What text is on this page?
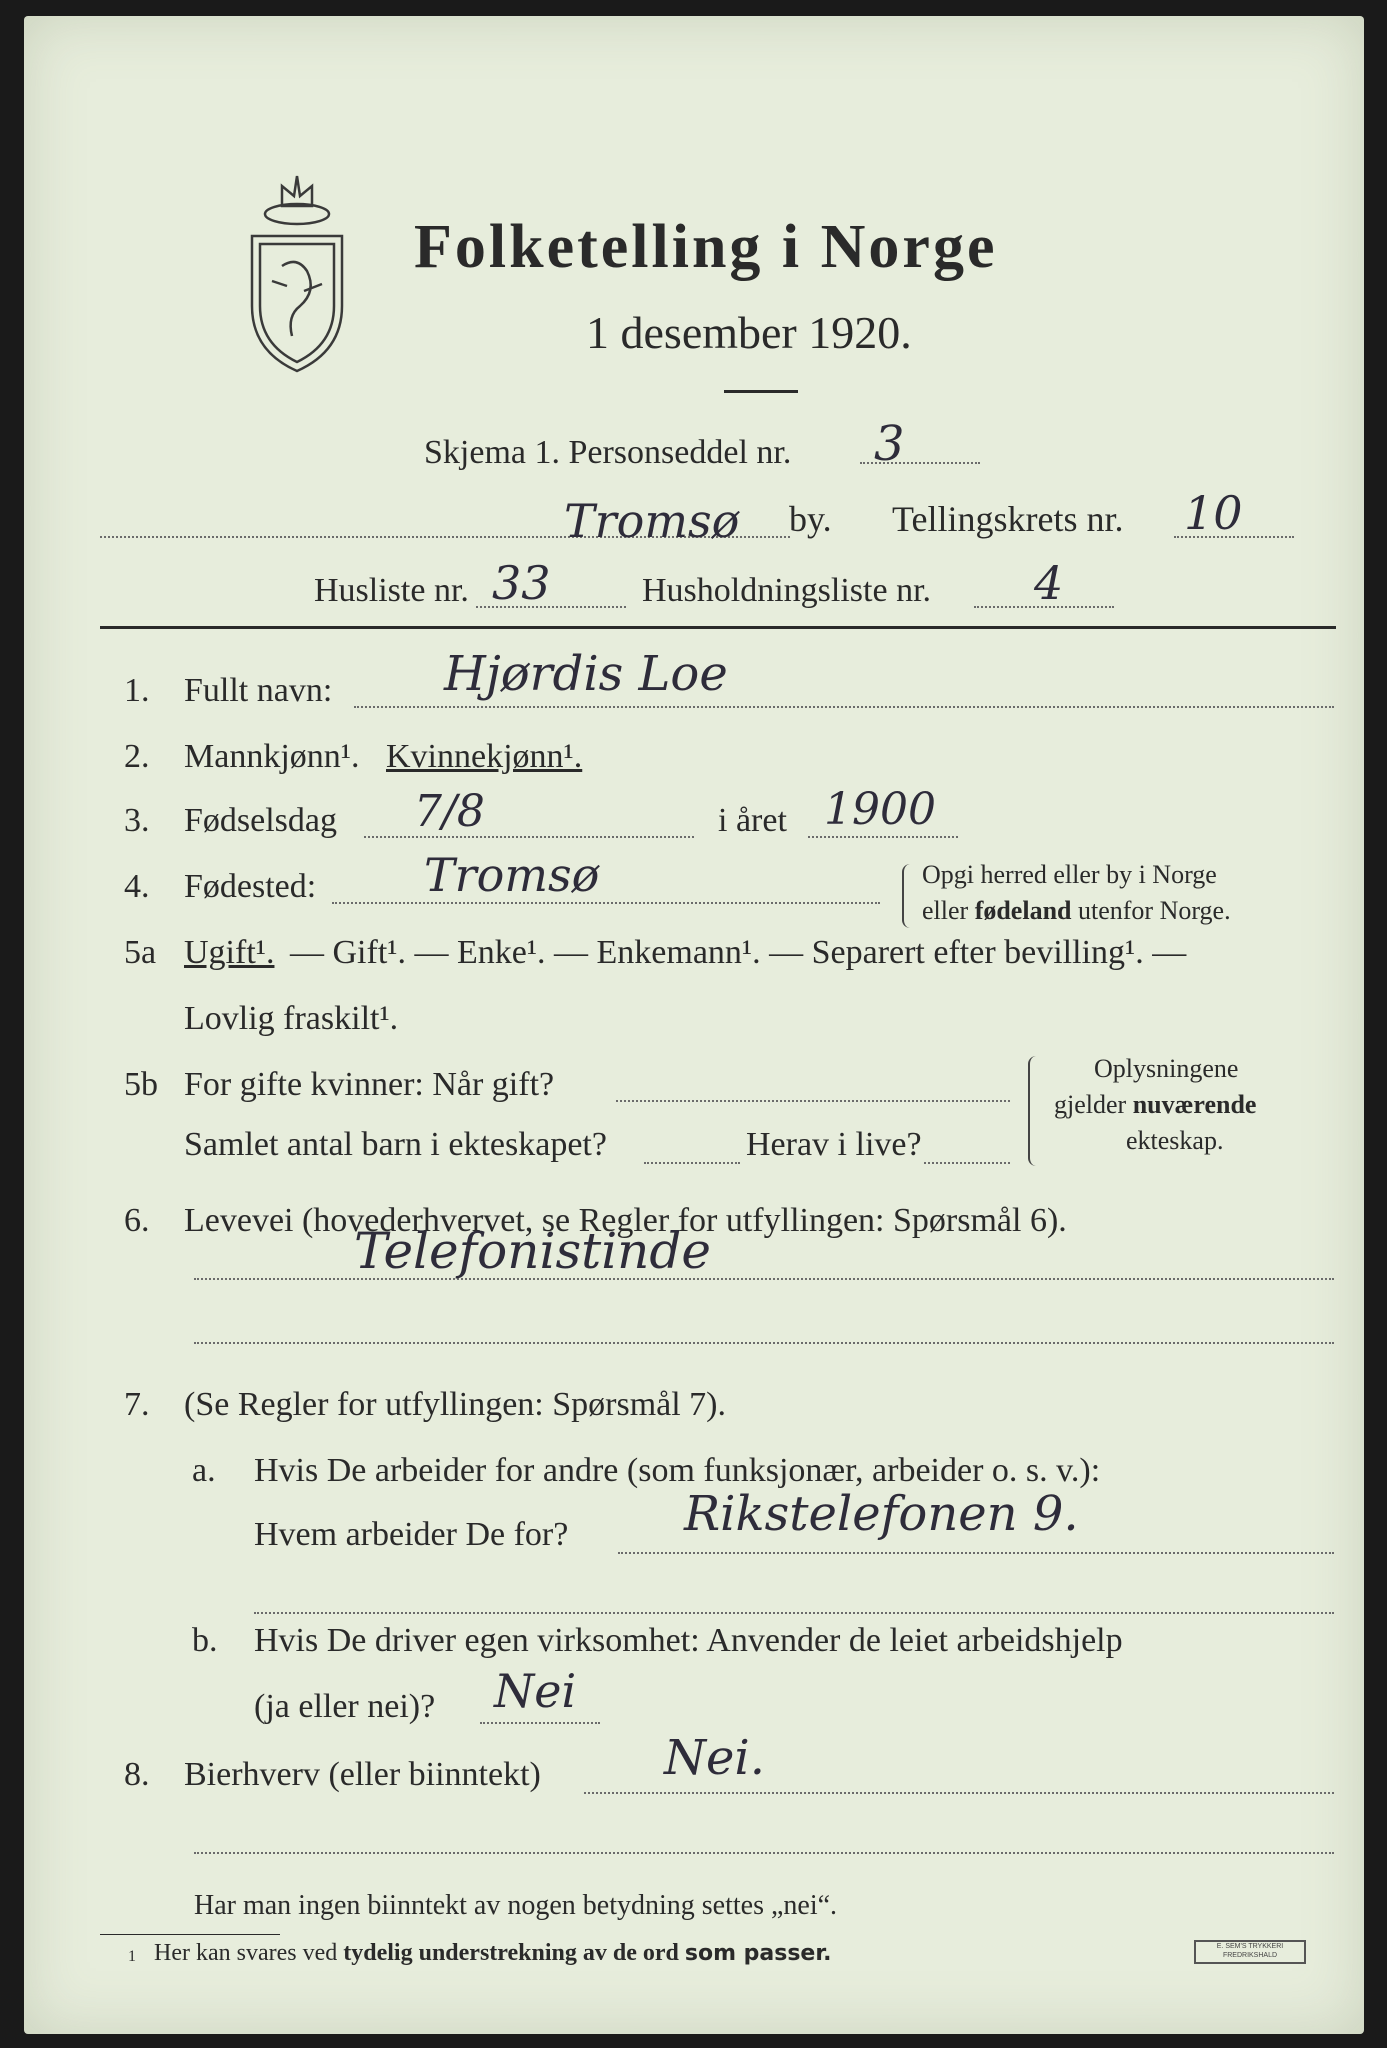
Folketelling i Norge
1 desember 1920.
Skjema 1. Personseddel nr. 3
Tromsø by. Tellingskrets nr. 10
Husliste nr. 33	Husholdningsliste nr. 4
1. Fullt navn: Hjørdis Loe
2. Mannkjønn¹. Kvinnekjønn¹.
3. Fødselsdag 7/8	i året 1900
4. Fødested: Tromsø	Opgi herred eller by i Norge
eller fødeland utenfor Norge.
5a Ugift¹. — Gift¹. — Enke¹. — Enkemann¹. — Separert efter bevilling¹. —
Lovlig fraskilt¹.
5b For gifte kvinner: Når gift?
Samlet antal barn i ekteskapet?	Herav i live?
Oplysningene
gjelder nuværende
ekteskap.
6. Levevei (hovederhvervet, se Regler for utfyllingen: Spørsmål 6).
Telefonistinde
7. (Se Regler for utfyllingen: Spørsmål 7).
a. Hvis De arbeider for andre (som funksjonær, arbeider o. s. v.):
Hvem arbeider De for? Rikstelefonen 9.
b. Hvis De driver egen virksomhet: Anvender de leiet arbeidshjelp
(ja eller nei)? Nei
8. Bierhverv (eller biinntekt)	Nei.
Har man ingen biinntekt av nogen betydning settes „nei“.
1 Her kan svares ved tydelig understrekning av de ord som passer.	E. SEM'S TRYKKERI
FREDRIKSHALD
